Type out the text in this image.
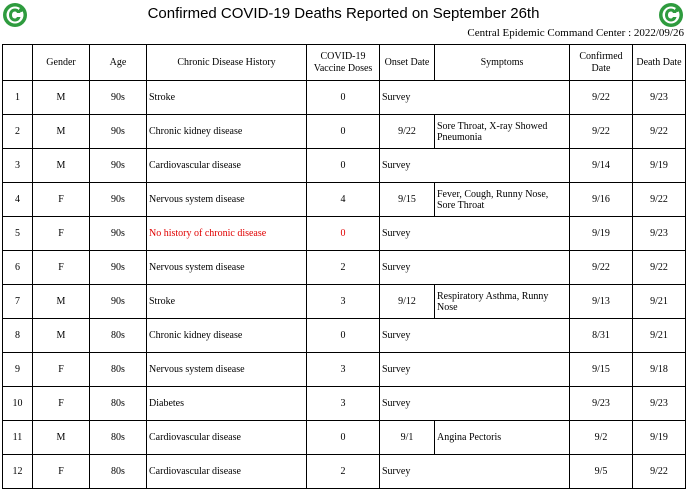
Confirmed COVID-19 Deaths Reported on September 26th
Central Epidemic Command Center : 2022/09/26
	Gender	Age	Chronic Disease History	COVID-19 Vaccine Doses	Onset Date	Symptoms	Confirmed Date	Death Date
1	M	90s	Stroke	0	Survey		9/22	9/23
2	M	90s	Chronic kidney disease	0	9/22	Sore Throat, X-ray Showed Pneumonia	9/22	9/22
3	M	90s	Cardiovascular disease	0	Survey		9/14	9/19
4	F	90s	Nervous system disease	4	9/15	Fever, Cough, Runny Nose, Sore Throat	9/16	9/22
5	F	90s	No history of chronic disease	0	Survey		9/19	9/23
6	F	90s	Nervous system disease	2	Survey		9/22	9/22
7	M	90s	Stroke	3	9/12	Respiratory Asthma, Runny Nose	9/13	9/21
8	M	80s	Chronic kidney disease	0	Survey		8/31	9/21
9	F	80s	Nervous system disease	3	Survey		9/15	9/18
10	F	80s	Diabetes	3	Survey		9/23	9/23
11	M	80s	Cardiovascular disease	0	9/1	Angina Pectoris	9/2	9/19
12	F	80s	Cardiovascular disease	2	Survey		9/5	9/22
